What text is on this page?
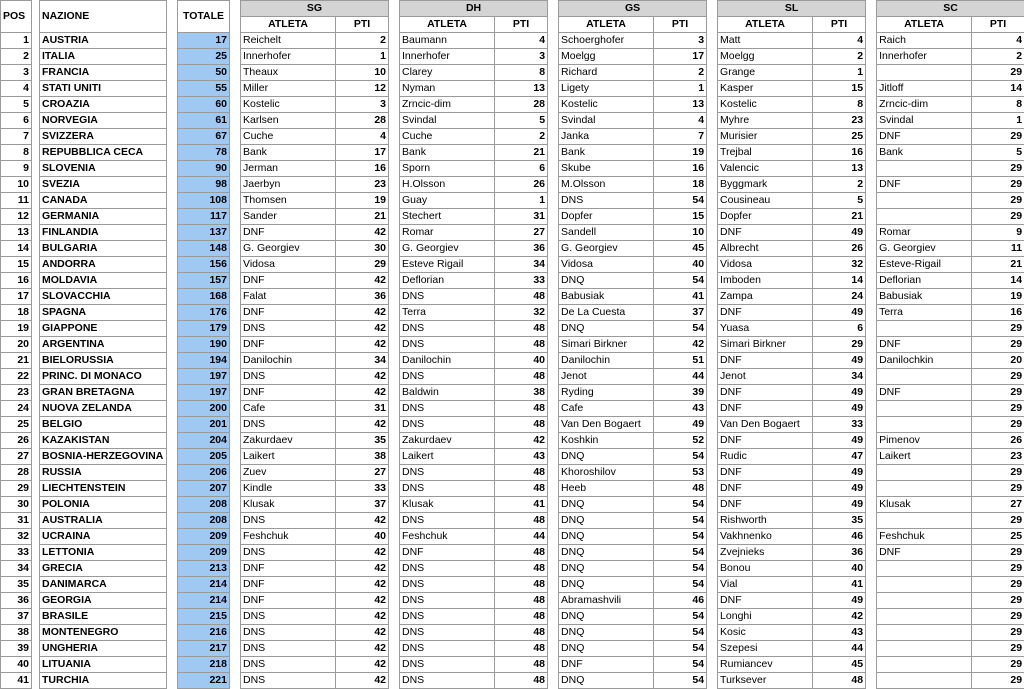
POS		NAZIONE		TOTALE		SG			DH			GS			SL			SC	
						ATLETA	PTI		ATLETA	PTI		ATLETA	PTI		ATLETA	PTI		ATLETA	PTI
1		AUSTRIA		17		Reichelt	2		Baumann	4		Schoerghofer	3		Matt	4		Raich	4
2		ITALIA		25		Innerhofer	1		Innerhofer	3		Moelgg	17		Moelgg	2		Innerhofer	2
3		FRANCIA		50		Theaux	10		Clarey	8		Richard	2		Grange	1			29
4		STATI UNITI		55		Miller	12		Nyman	13		Ligety	1		Kasper	15		Jitloff	14
5		CROAZIA		60		Kostelic	3		Zrncic-dim	28		Kostelic	13		Kostelic	8		Zrncic-dim	8
6		NORVEGIA		61		Karlsen	28		Svindal	5		Svindal	4		Myhre	23		Svindal	1
7		SVIZZERA		67		Cuche	4		Cuche	2		Janka	7		Murisier	25		DNF	29
8		REPUBBLICA CECA		78		Bank	17		Bank	21		Bank	19		Trejbal	16		Bank	5
9		SLOVENIA		90		Jerman	16		Sporn	6		Skube	16		Valencic	13			29
10		SVEZIA		98		Jaerbyn	23		H.Olsson	26		M.Olsson	18		Byggmark	2		DNF	29
11		CANADA		108		Thomsen	19		Guay	1		DNS	54		Cousineau	5			29
12		GERMANIA		117		Sander	21		Stechert	31		Dopfer	15		Dopfer	21			29
13		FINLANDIA		137		DNF	42		Romar	27		Sandell	10		DNF	49		Romar	9
14		BULGARIA		148		G. Georgiev	30		G. Georgiev	36		G. Georgiev	45		Albrecht	26		G. Georgiev	11
15		ANDORRA		156		Vidosa	29		Esteve Rigail	34		Vidosa	40		Vidosa	32		Esteve-Rigail	21
16		MOLDAVIA		157		DNF	42		Deflorian	33		DNQ	54		Imboden	14		Deflorian	14
17		SLOVACCHIA		168		Falat	36		DNS	48		Babusiak	41		Zampa	24		Babusiak	19
18		SPAGNA		176		DNF	42		Terra	32		De La Cuesta	37		DNF	49		Terra	16
19		GIAPPONE		179		DNS	42		DNS	48		DNQ	54		Yuasa	6			29
20		ARGENTINA		190		DNF	42		DNS	48		Simari Birkner	42		Simari Birkner	29		DNF	29
21		BIELORUSSIA		194		Danilochin	34		Danilochin	40		Danilochin	51		DNF	49		Danilochkin	20
22		PRINC. DI MONACO		197		DNS	42		DNS	48		Jenot	44		Jenot	34			29
23		GRAN BRETAGNA		197		DNF	42		Baldwin	38		Ryding	39		DNF	49		DNF	29
24		NUOVA ZELANDA		200		Cafe	31		DNS	48		Cafe	43		DNF	49			29
25		BELGIO		201		DNS	42		DNS	48		Van Den Bogaert	49		Van Den Bogaert	33			29
26		KAZAKISTAN		204		Zakurdaev	35		Zakurdaev	42		Koshkin	52		DNF	49		Pimenov	26
27		BOSNIA-HERZEGOVINA		205		Laikert	38		Laikert	43		DNQ	54		Rudic	47		Laikert	23
28		RUSSIA		206		Zuev	27		DNS	48		Khoroshilov	53		DNF	49			29
29		LIECHTENSTEIN		207		Kindle	33		DNS	48		Heeb	48		DNF	49			29
30		POLONIA		208		Klusak	37		Klusak	41		DNQ	54		DNF	49		Klusak	27
31		AUSTRALIA		208		DNS	42		DNS	48		DNQ	54		Rishworth	35			29
32		UCRAINA		209		Feshchuk	40		Feshchuk	44		DNQ	54		Vakhnenko	46		Feshchuk	25
33		LETTONIA		209		DNS	42		DNF	48		DNQ	54		Zvejnieks	36		DNF	29
34		GRECIA		213		DNF	42		DNS	48		DNQ	54		Bonou	40			29
35		DANIMARCA		214		DNF	42		DNS	48		DNQ	54		Vial	41			29
36		GEORGIA		214		DNF	42		DNS	48		Abramashvili	46		DNF	49			29
37		BRASILE		215		DNS	42		DNS	48		DNQ	54		Longhi	42			29
38		MONTENEGRO		216		DNS	42		DNS	48		DNQ	54		Kosic	43			29
39		UNGHERIA		217		DNS	42		DNS	48		DNQ	54		Szepesi	44			29
40		LITUANIA		218		DNS	42		DNS	48		DNF	54		Rumiancev	45			29
41		TURCHIA		221		DNS	42		DNS	48		DNQ	54		Turksever	48			29
